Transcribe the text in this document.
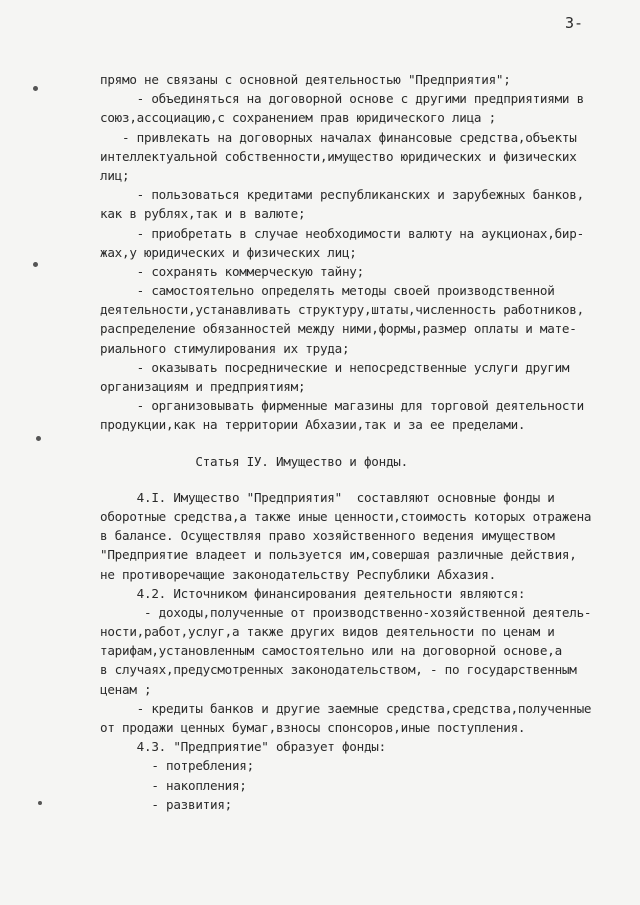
3-
прямо не связаны с основной деятельностью "Предприятия";
- объединяться на договорной основе с другими предприятиями в
союз,ассоциацию,с сохранением прав юридического лица ;
- привлекать на договорных началах финансовые средства,объекты
интеллектуальной собственности,имущество юридических и физических
лиц;
- пользоваться кредитами республиканских и зарубежных банков,
как в рублях,так и в валюте;
- приобретать в случае необходимости валюту на аукционах,бир-
жах,у юридических и физических лиц;
- сохранять коммерческую тайну;
- самостоятельно определять методы своей производственной
деятельности,устанавливать структуру,штаты,численность работников,
распределение обязанностей между ними,формы,размер оплаты и мате-
риального стимулирования их труда;
- оказывать посреднические и непосредственные услуги другим
организациям и предприятиям;
- организовывать фирменные магазины для торговой деятельности
продукции,как на территории Абхазии,так и за ее пределами.
Статья IУ. Имущество и фонды.
4.I. Имущество "Предприятия"  составляют основные фонды и
оборотные средства,а также иные ценности,стоимость которых отражена
в балансе. Осуществляя право хозяйственного ведения имуществом
"Предприятие владеет и пользуется им,совершая различные действия,
не противоречащие законодательству Республики Абхазия.
4.2. Источником финансирования деятельности являются:
- доходы,полученные от производственно-хозяйственной деятель-
ности,работ,услуг,а также других видов деятельности по ценам и
тарифам,установленным самостоятельно или на договорной основе,а
в случаях,предусмотренных законодательством, - по государственным
ценам ;
- кредиты банков и другие заемные средства,средства,полученные
от продажи ценных бумаг,взносы спонсоров,иные поступления.
4.3. "Предприятие" образует фонды:
- потребления;
- накопления;
- развития;
